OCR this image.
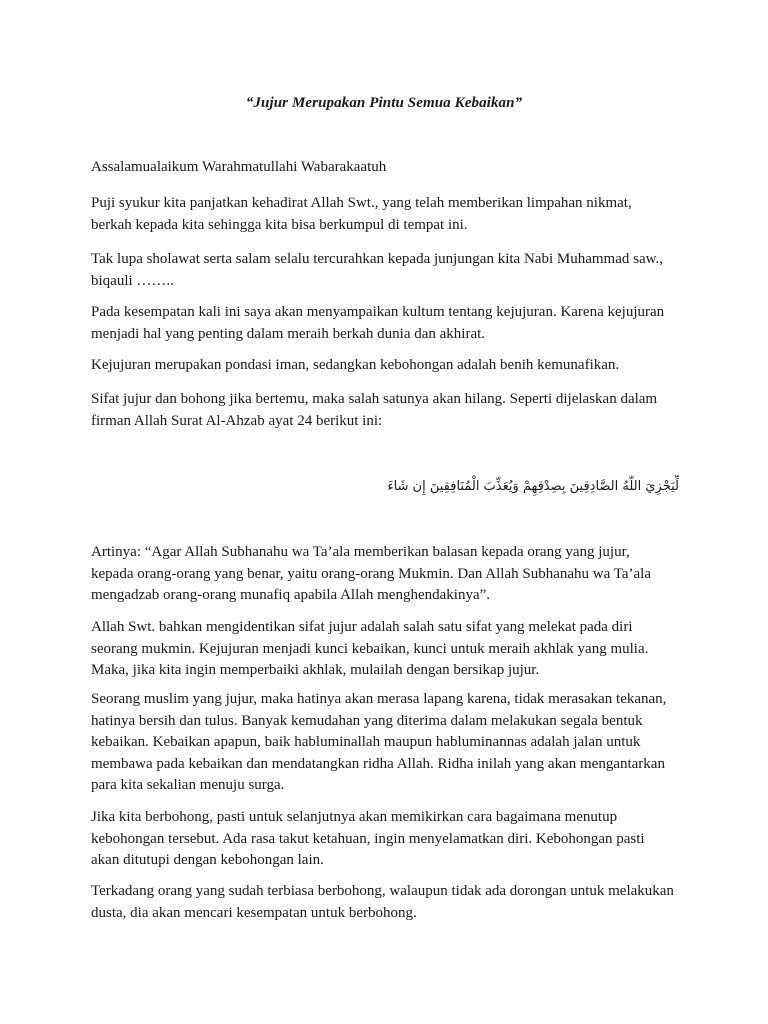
“Jujur Merupakan Pintu Semua Kebaikan”
Assalamualaikum Warahmatullahi Wabarakaatuh
Puji syukur kita panjatkan kehadirat Allah Swt., yang telah memberikan limpahan nikmat,
berkah kepada kita sehingga kita bisa berkumpul di tempat ini.
Tak lupa sholawat serta salam selalu tercurahkan kepada junjungan kita Nabi Muhammad saw.,
biqauli ……..
Pada kesempatan kali ini saya akan menyampaikan kultum tentang kejujuran. Karena kejujuran
menjadi hal yang penting dalam meraih berkah dunia dan akhirat.
Kejujuran merupakan pondasi iman, sedangkan kebohongan adalah benih kemunafikan.
Sifat jujur dan bohong jika bertemu, maka salah satunya akan hilang. Seperti dijelaskan dalam
firman Allah Surat Al-Ahzab ayat 24 berikut ini:
لِّيَجْزِيَ اللَّهُ الصَّادِقِينَ بِصِدْقِهِمْ وَيُعَذِّبَ الْمُنَافِقِينَ إِن شَاءَ
Artinya: “Agar Allah Subhanahu wa Ta’ala memberikan balasan kepada orang yang jujur,
kepada orang-orang yang benar, yaitu orang-orang Mukmin. Dan Allah Subhanahu wa Ta’ala
mengadzab orang-orang munafiq apabila Allah menghendakinya”.
Allah Swt. bahkan mengidentikan sifat jujur adalah salah satu sifat yang melekat pada diri
seorang mukmin. Kejujuran menjadi kunci kebaikan, kunci untuk meraih akhlak yang mulia.
Maka, jika kita ingin memperbaiki akhlak, mulailah dengan bersikap jujur.
Seorang muslim yang jujur, maka hatinya akan merasa lapang karena, tidak merasakan tekanan,
hatinya bersih dan tulus. Banyak kemudahan yang diterima dalam melakukan segala bentuk
kebaikan. Kebaikan apapun, baik habluminallah maupun habluminannas adalah jalan untuk
membawa pada kebaikan dan mendatangkan ridha Allah. Ridha inilah yang akan mengantarkan
para kita sekalian menuju surga.
Jika kita berbohong, pasti untuk selanjutnya akan memikirkan cara bagaimana menutup
kebohongan tersebut. Ada rasa takut ketahuan, ingin menyelamatkan diri. Kebohongan pasti
akan ditutupi dengan kebohongan lain.
Terkadang orang yang sudah terbiasa berbohong, walaupun tidak ada dorongan untuk melakukan
dusta, dia akan mencari kesempatan untuk berbohong.
